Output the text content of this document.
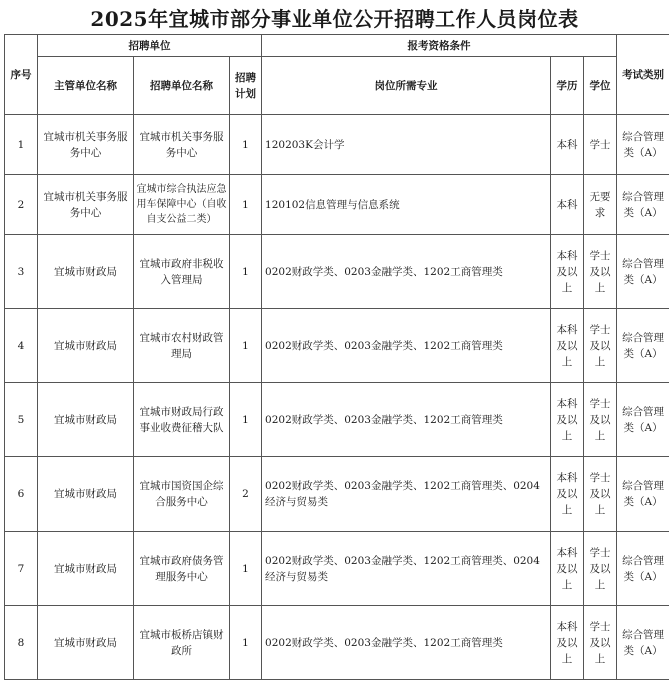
2025年宜城市部分事业单位公开招聘工作人员岗位表
序号	招聘单位			报考资格条件			考试类别
	主管单位名称	招聘单位名称	招聘计划	岗位所需专业	学历	学位	
1	宜城市机关事务服务中心	宜城市机关事务服务中心	1	120203K会计学	本科	学士	综合管理类（A）
2	宜城市机关事务服务中心	宜城市综合执法应急用车保障中心（自收自支公益二类）	1	120102信息管理与信息系统	本科	无要求	综合管理类（A）
3	宜城市财政局	宜城市政府非税收入管理局	1	0202财政学类、0203金融学类、1202工商管理类	本科及以上	学士及以上	综合管理类（A）
4	宜城市财政局	宜城市农村财政管理局	1	0202财政学类、0203金融学类、1202工商管理类	本科及以上	学士及以上	综合管理类（A）
5	宜城市财政局	宜城市财政局行政事业收费征稽大队	1	0202财政学类、0203金融学类、1202工商管理类	本科及以上	学士及以上	综合管理类（A）
6	宜城市财政局	宜城市国资国企综合服务中心	2	0202财政学类、0203金融学类、1202工商管理类、0204经济与贸易类	本科及以上	学士及以上	综合管理类（A）
7	宜城市财政局	宜城市政府债务管理服务中心	1	0202财政学类、0203金融学类、1202工商管理类、0204经济与贸易类	本科及以上	学士及以上	综合管理类（A）
8	宜城市财政局	宜城市板桥店镇财政所	1	0202财政学类、0203金融学类、1202工商管理类	本科及以上	学士及以上	综合管理类（A）
